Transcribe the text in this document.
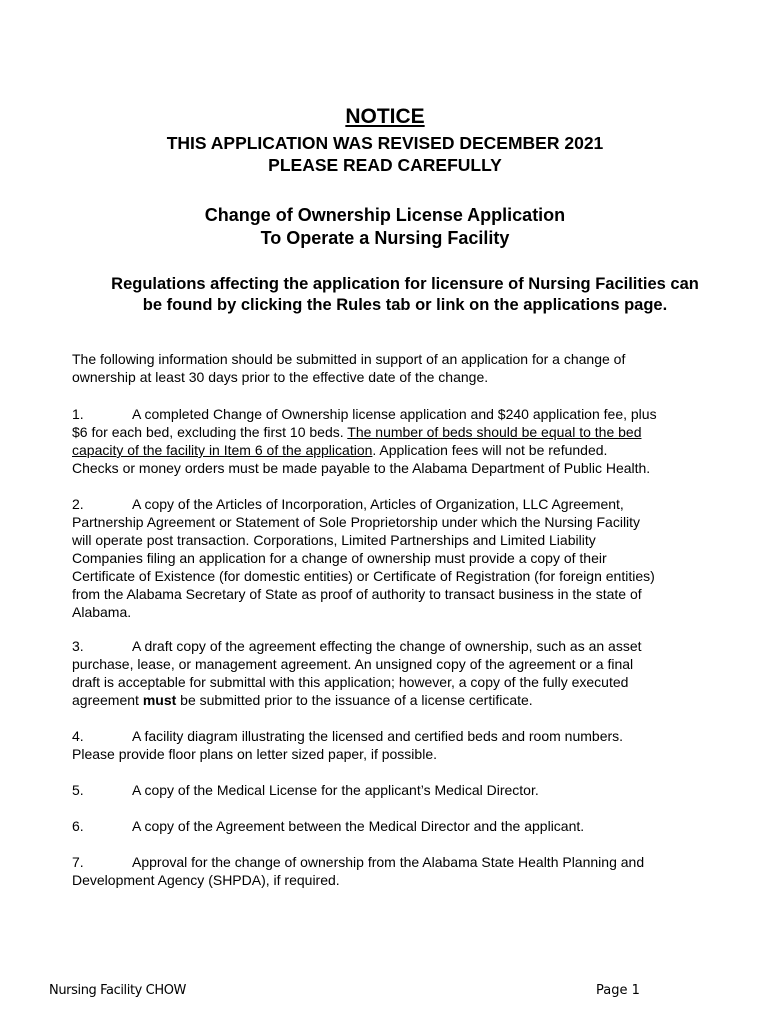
NOTICE
THIS APPLICATION WAS REVISED DECEMBER 2021
PLEASE READ CAREFULLY
Change of Ownership License Application
To Operate a Nursing Facility
Regulations affecting the application for licensure of Nursing Facilities can
be found by clicking the Rules tab or link on the applications page.
The following information should be submitted in support of an application for a change of
ownership at least 30 days prior to the effective date of the change.
1.	A completed Change of Ownership license application and $240 application fee, plus
$6 for each bed, excluding the first 10 beds. The number of beds should be equal to the bed
capacity of the facility in Item 6 of the application. Application fees will not be refunded.
Checks or money orders must be made payable to the Alabama Department of Public Health.
2.	A copy of the Articles of Incorporation, Articles of Organization, LLC Agreement,
Partnership Agreement or Statement of Sole Proprietorship under which the Nursing Facility
will operate post transaction. Corporations, Limited Partnerships and Limited Liability
Companies filing an application for a change of ownership must provide a copy of their
Certificate of Existence (for domestic entities) or Certificate of Registration (for foreign entities)
from the Alabama Secretary of State as proof of authority to transact business in the state of
Alabama.
3.	A draft copy of the agreement effecting the change of ownership, such as an asset
purchase, lease, or management agreement. An unsigned copy of the agreement or a final
draft is acceptable for submittal with this application; however, a copy of the fully executed
agreement must be submitted prior to the issuance of a license certificate.
4.	A facility diagram illustrating the licensed and certified beds and room numbers.
Please provide floor plans on letter sized paper, if possible.
5.	A copy of the Medical License for the applicant’s Medical Director.
6.	A copy of the Agreement between the Medical Director and the applicant.
7.	Approval for the change of ownership from the Alabama State Health Planning and
Development Agency (SHPDA), if required.
Nursing Facility CHOW	Page 1
